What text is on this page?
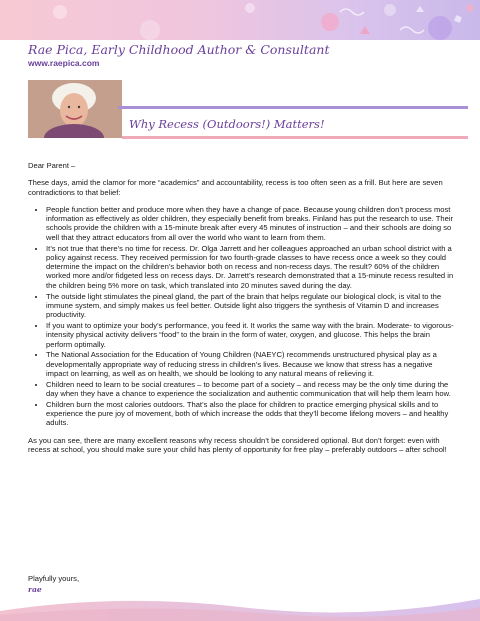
Rae Pica, Early Childhood Author & Consultant
www.raepica.com
Why Recess (Outdoors!) Matters!

Dear Parent –

These days, amid the clamor for more “academics” and accountability, recess is too often seen as a frill. But here are seven contradictions to that belief:

• People function better and produce more when they have a change of pace. Because young children don’t process most information as effectively as older children, they especially benefit from breaks. Finland has put the research to use. Their schools provide the children with a 15-minute break after every 45 minutes of instruction – and their schools are doing so well that they attract educators from all over the world who want to learn from them.
• It’s not true that there’s no time for recess. Dr. Olga Jarrett and her colleagues approached an urban school district with a policy against recess. They received permission for two fourth-grade classes to have recess once a week so they could determine the impact on the children’s behavior both on recess and non-recess days. The result? 60% of the children worked more and/or fidgeted less on recess days. Dr. Jarrett’s research demonstrated that a 15-minute recess resulted in the children being 5% more on task, which translated into 20 minutes saved during the day.
• The outside light stimulates the pineal gland, the part of the brain that helps regulate our biological clock, is vital to the immune system, and simply makes us feel better. Outside light also triggers the synthesis of Vitamin D and increases productivity.
• If you want to optimize your body’s performance, you feed it. It works the same way with the brain. Moderate- to vigorous-intensity physical activity delivers “food” to the brain in the form of water, oxygen, and glucose. This helps the brain perform optimally.
• The National Association for the Education of Young Children (NAEYC) recommends unstructured physical play as a developmentally appropriate way of reducing stress in children’s lives. Because we know that stress has a negative impact on learning, as well as on health, we should be looking to any natural means of relieving it.
• Children need to learn to be social creatures – to become part of a society – and recess may be the only time during the day when they have a chance to experience the socialization and authentic communication that will help them learn how.
• Children burn the most calories outdoors. That’s also the place for children to practice emerging physical skills and to experience the pure joy of movement, both of which increase the odds that they’ll become lifelong movers – and healthy adults.

As you can see, there are many excellent reasons why recess shouldn’t be considered optional. But don’t forget: even with recess at school, you should make sure your child has plenty of opportunity for free play – preferably outdoors – after school!

Playfully yours,
rae
